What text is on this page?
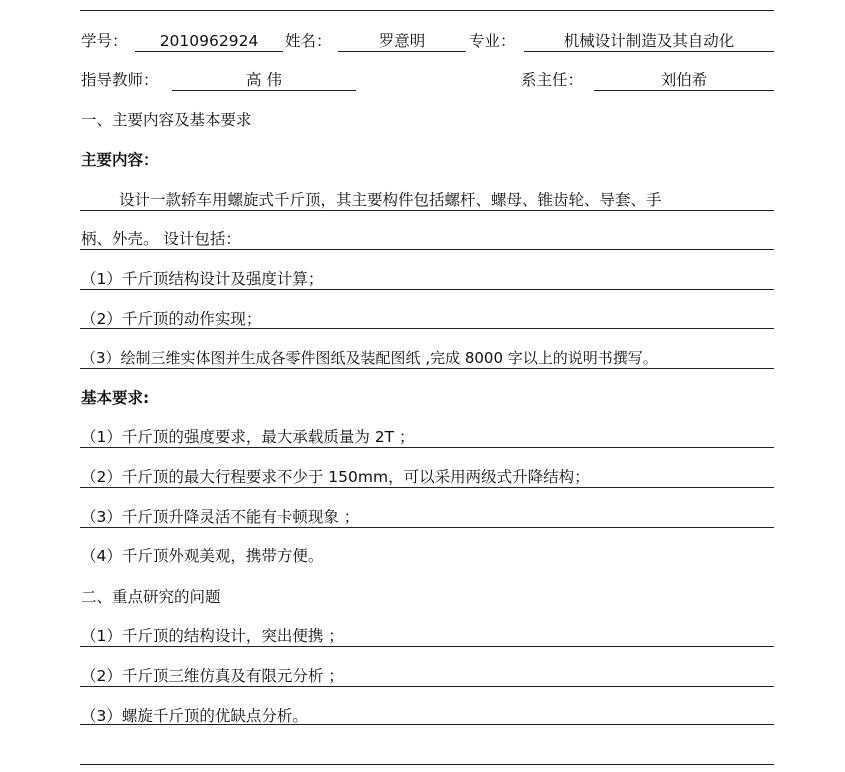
学号：	2010962924	姓名：	罗意明	专业：	机械设计制造及其自动化
指导教师：	高 伟	系主任：	刘伯希
一、主要内容及基本要求
主要内容：
设计一款轿车用螺旋式千斤顶，其主要构件包括螺杆、螺母、锥齿轮、导套、手
柄、外壳。 设计包括：
（1）千斤顶结构设计及强度计算；
（2）千斤顶的动作实现；
（3）绘制三维实体图并生成各零件图纸及装配图纸 ,完成 8000 字以上的说明书撰写。
基本要求:
（1）千斤顶的强度要求，最大承载质量为 2T ；
（2）千斤顶的最大行程要求不少于 150mm，可以采用两级式升降结构；
（3）千斤顶升降灵活不能有卡顿现象 ；
（4）千斤顶外观美观，携带方便。
二、重点研究的问题
（1）千斤顶的结构设计，突出便携 ；
（2）千斤顶三维仿真及有限元分析 ；
（3）螺旋千斤顶的优缺点分析。
